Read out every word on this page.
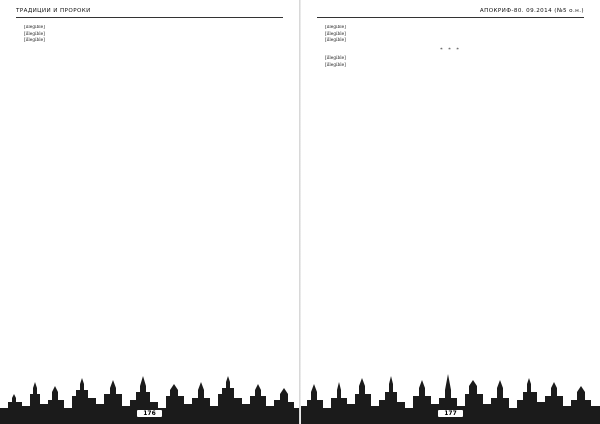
ТРАДИЦИИ И ПРОРОКИ

[illegible]

[illegible]

[illegible]

176
АПОКРИФ-80. 09.2014 (№5 о.н.)

[illegible]

[illegible]

[illegible]

* * *

[illegible]

[illegible]

177
